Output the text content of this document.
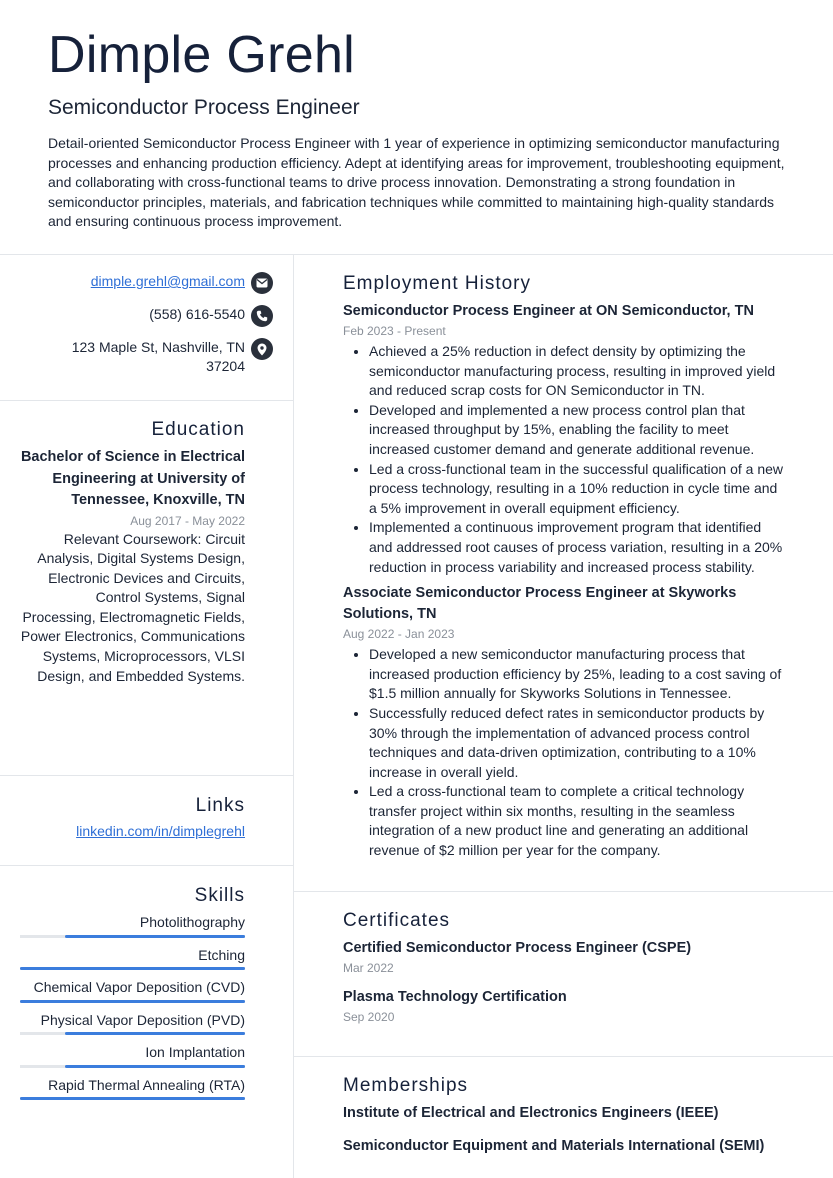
Dimple Grehl
Semiconductor Process Engineer

Detail-oriented Semiconductor Process Engineer with 1 year of experience in optimizing semiconductor manufacturing processes and enhancing production efficiency. Adept at identifying areas for improvement, troubleshooting equipment, and collaborating with cross-functional teams to drive process innovation. Demonstrating a strong foundation in semiconductor principles, materials, and fabrication techniques while committed to maintaining high-quality standards and ensuring continuous process improvement.

dimple.grehl@gmail.com
(558) 616-5540
123 Maple St, Nashville, TN 37204
Education
Bachelor of Science in Electrical Engineering at University of Tennessee, Knoxville, TN
Aug 2017 - May 2022
Relevant Coursework: Circuit Analysis, Digital Systems Design, Electronic Devices and Circuits, Control Systems, Signal Processing, Electromagnetic Fields, Power Electronics, Communications Systems, Microprocessors, VLSI Design, and Embedded Systems.
Links
linkedin.com/in/dimplegrehl
Skills
Photolithography
Etching
Chemical Vapor Deposition (CVD)
Physical Vapor Deposition (PVD)
Ion Implantation
Rapid Thermal Annealing (RTA)
Employment History
Semiconductor Process Engineer at ON Semiconductor, TN
Feb 2023 - Present
• Achieved a 25% reduction in defect density by optimizing the semiconductor manufacturing process, resulting in improved yield and reduced scrap costs for ON Semiconductor in TN.
• Developed and implemented a new process control plan that increased throughput by 15%, enabling the facility to meet increased customer demand and generate additional revenue.
• Led a cross-functional team in the successful qualification of a new process technology, resulting in a 10% reduction in cycle time and a 5% improvement in overall equipment efficiency.
• Implemented a continuous improvement program that identified and addressed root causes of process variation, resulting in a 20% reduction in process variability and increased process stability.
Associate Semiconductor Process Engineer at Skyworks Solutions, TN
Aug 2022 - Jan 2023
• Developed a new semiconductor manufacturing process that increased production efficiency by 25%, leading to a cost saving of $1.5 million annually for Skyworks Solutions in Tennessee.
• Successfully reduced defect rates in semiconductor products by 30% through the implementation of advanced process control techniques and data-driven optimization, contributing to a 10% increase in overall yield.
• Led a cross-functional team to complete a critical technology transfer project within six months, resulting in the seamless integration of a new product line and generating an additional revenue of $2 million per year for the company.
Certificates
Certified Semiconductor Process Engineer (CSPE)
Mar 2022
Plasma Technology Certification
Sep 2020
Memberships
Institute of Electrical and Electronics Engineers (IEEE)
Semiconductor Equipment and Materials International (SEMI)
